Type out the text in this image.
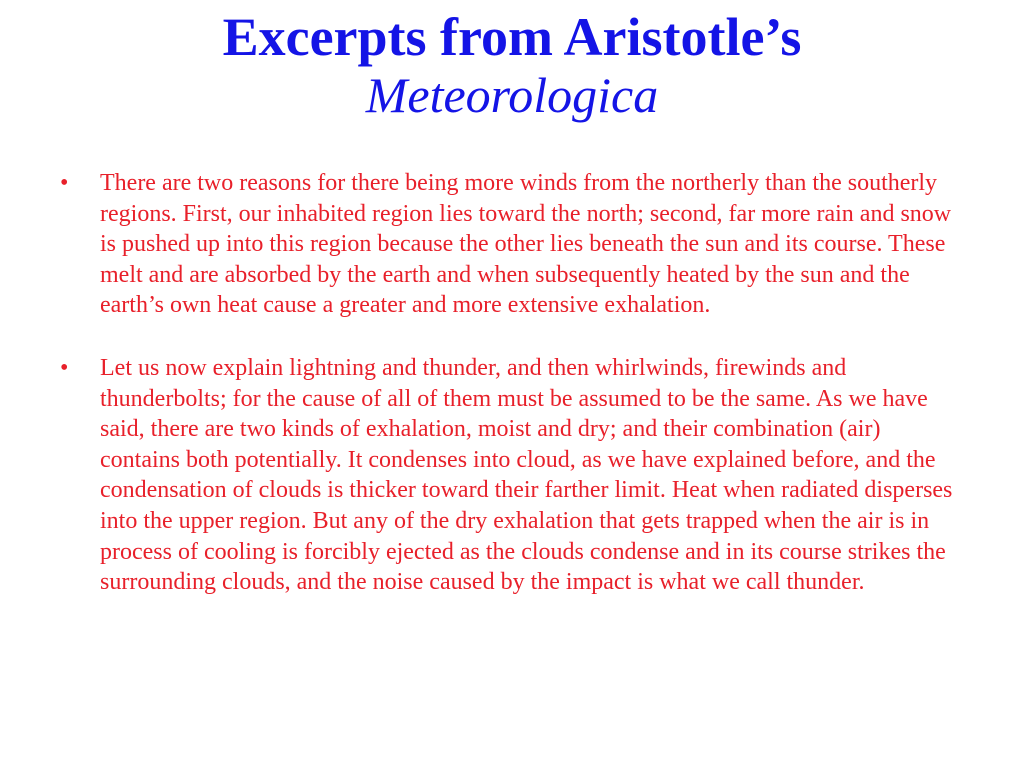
Excerpts from Aristotle’s
Meteorologica
• There are two reasons for there being more winds from the northerly than the southerly regions. First, our inhabited region lies toward the north; second, far more rain and snow is pushed up into this region because the other lies beneath the sun and its course. These melt and are absorbed by the earth and when subsequently heated by the sun and the earth’s own heat cause a greater and more extensive exhalation.
• Let us now explain lightning and thunder, and then whirlwinds, firewinds and thunderbolts; for the cause of all of them must be assumed to be the same. As we have said, there are two kinds of exhalation, moist and dry; and their combination (air) contains both potentially. It condenses into cloud, as we have explained before, and the condensation of clouds is thicker toward their farther limit. Heat when radiated disperses into the upper region. But any of the dry exhalation that gets trapped when the air is in process of cooling is forcibly ejected as the clouds condense and in its course strikes the surrounding clouds, and the noise caused by the impact is what we call thunder.
